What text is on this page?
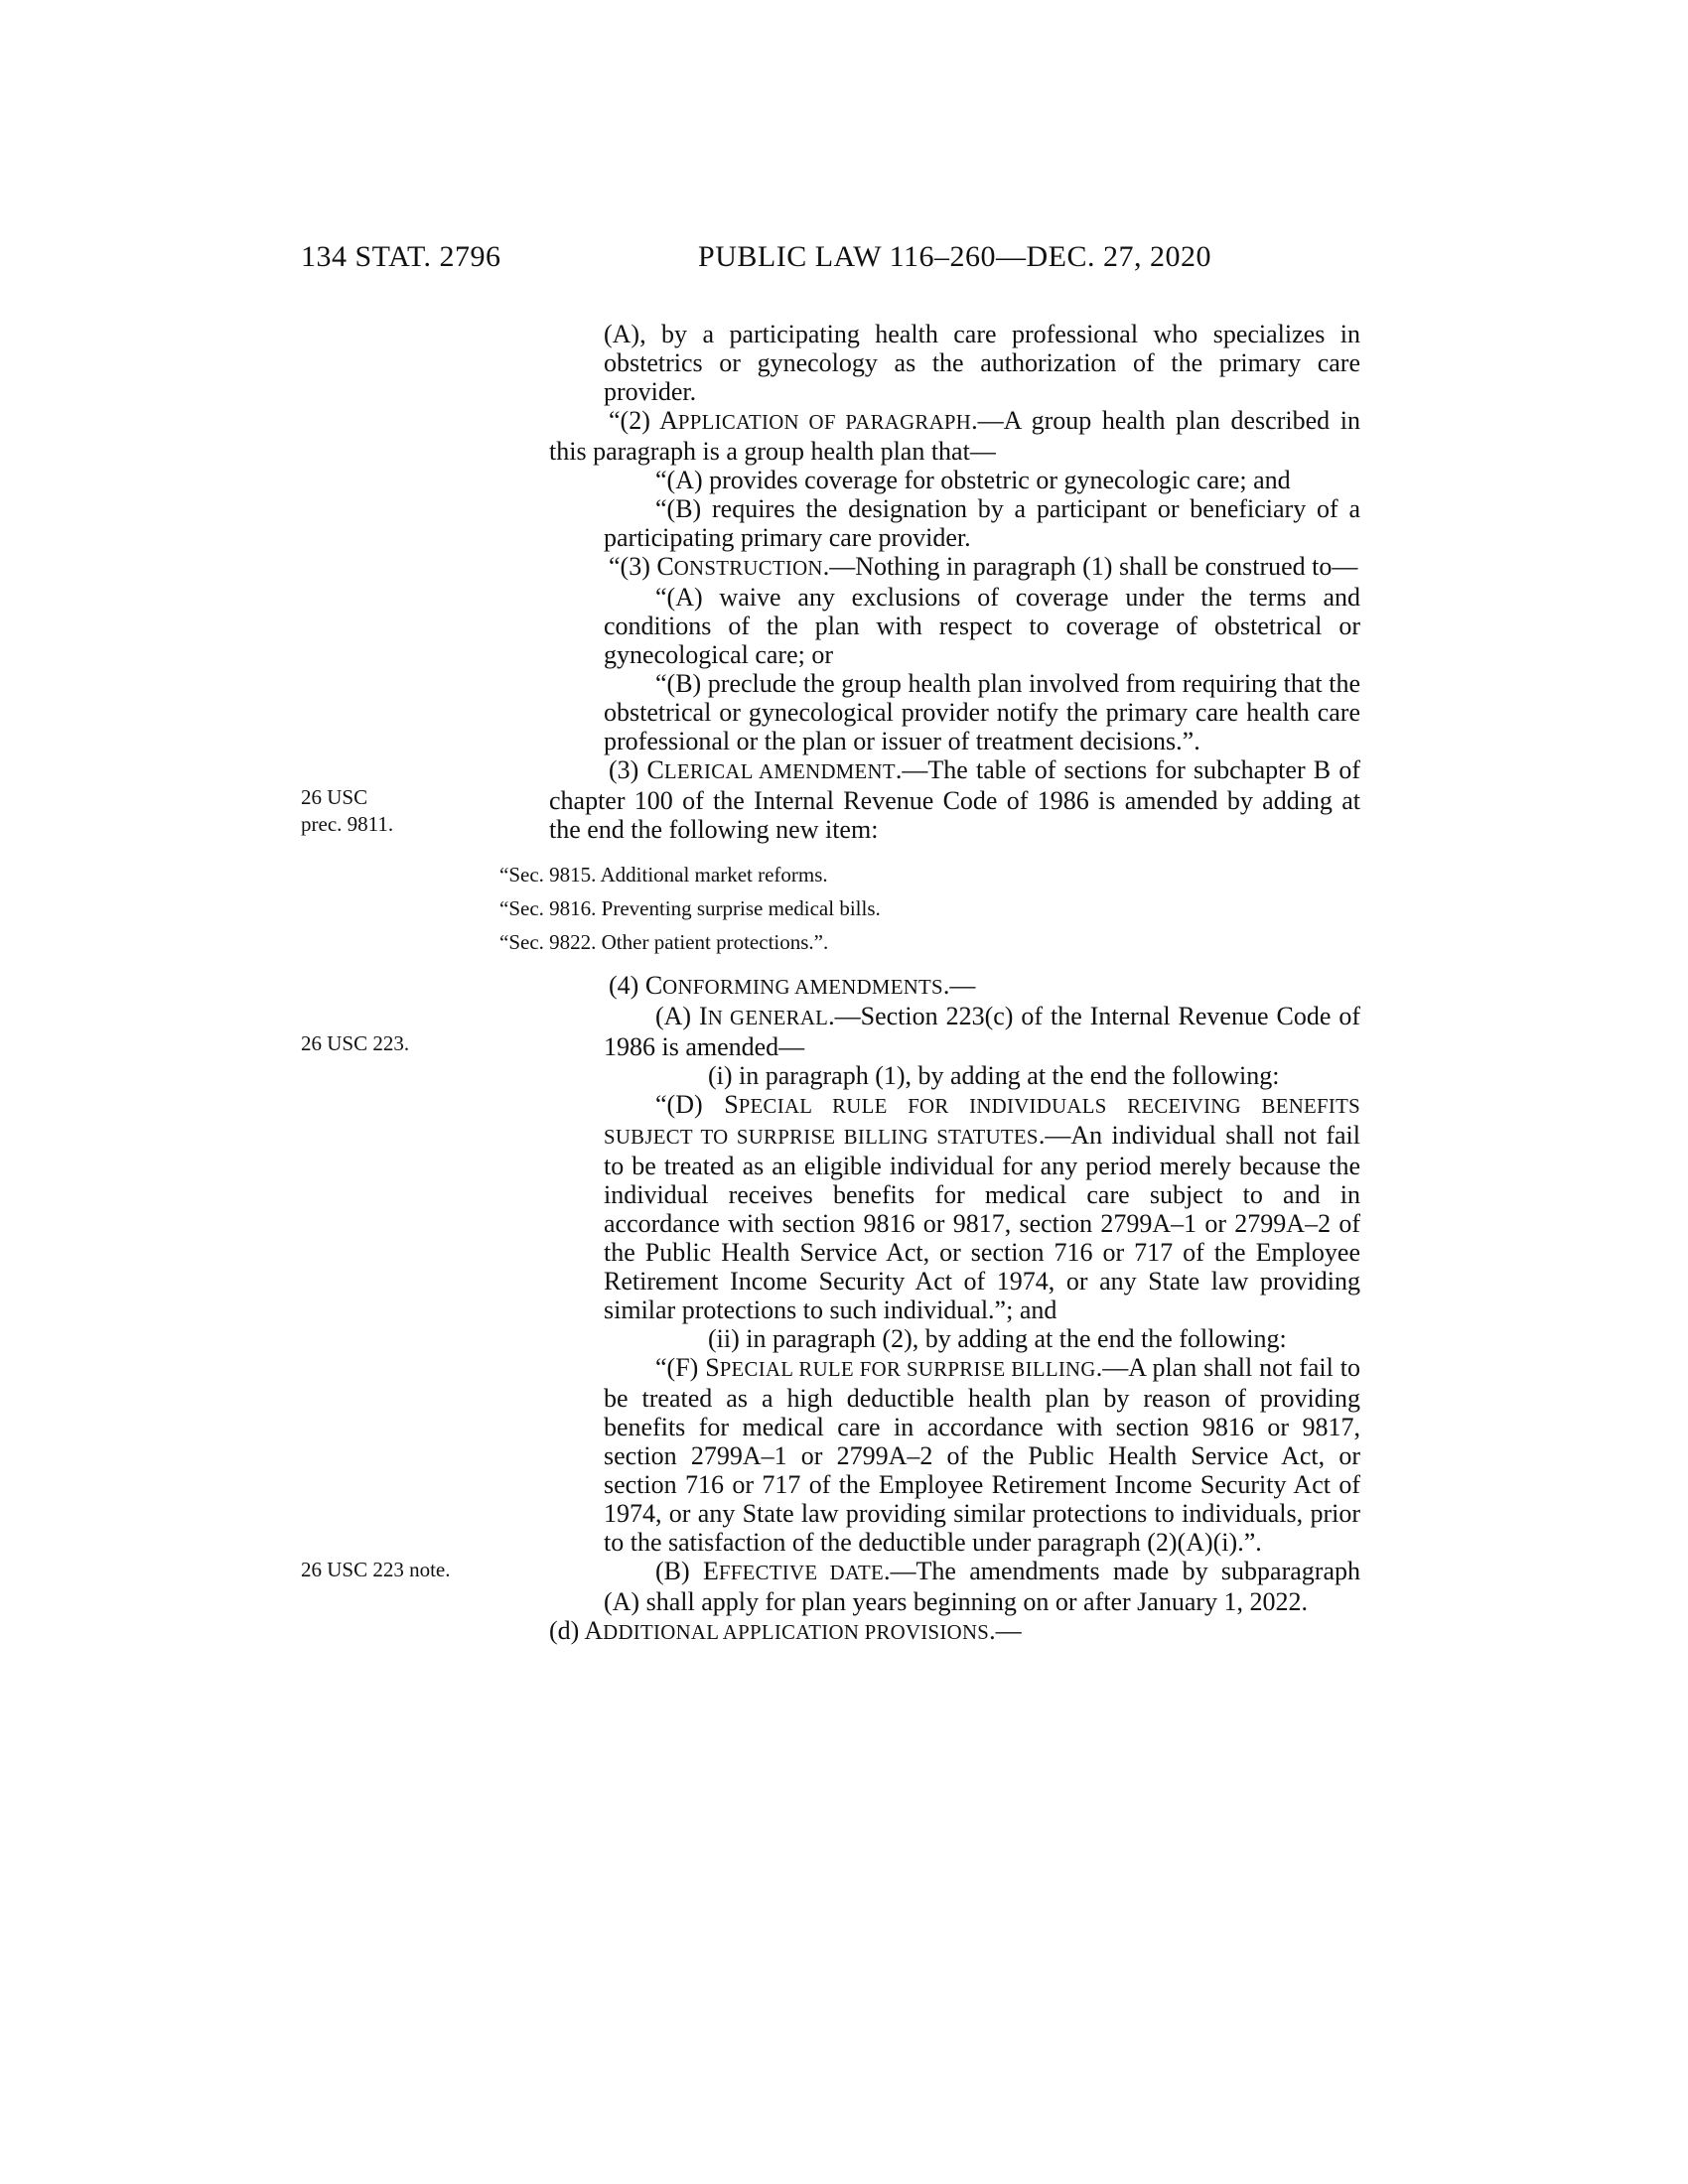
134 STAT. 2796	PUBLIC LAW 116–260—DEC. 27, 2020

(A), by a participating health care professional who specializes in obstetrics or gynecology as the authorization of the primary care provider.

“(2) APPLICATION OF PARAGRAPH.—A group health plan described in this paragraph is a group health plan that—

“(A) provides coverage for obstetric or gynecologic care; and

“(B) requires the designation by a participant or beneficiary of a participating primary care provider.

“(3) CONSTRUCTION.—Nothing in paragraph (1) shall be construed to—

“(A) waive any exclusions of coverage under the terms and conditions of the plan with respect to coverage of obstetrical or gynecological care; or

“(B) preclude the group health plan involved from requiring that the obstetrical or gynecological provider notify the primary care health care professional or the plan or issuer of treatment decisions.”.

(3) CLERICAL AMENDMENT.—The table of sections for subchapter B of chapter 100 of the Internal Revenue Code of 1986 is amended by adding at the end the following new item:
26 USC
prec. 9811.

“Sec. 9815. Additional market reforms.
“Sec. 9816. Preventing surprise medical bills.
“Sec. 9822. Other patient protections.”.

(4) CONFORMING AMENDMENTS.—

(A) IN GENERAL.—Section 223(c) of the Internal Revenue Code of 1986 is amended—
26 USC 223.

(i) in paragraph (1), by adding at the end the following:

“(D) SPECIAL RULE FOR INDIVIDUALS RECEIVING BENEFITS SUBJECT TO SURPRISE BILLING STATUTES.—An individual shall not fail to be treated as an eligible individual for any period merely because the individual receives benefits for medical care subject to and in accordance with section 9816 or 9817, section 2799A–1 or 2799A–2 of the Public Health Service Act, or section 716 or 717 of the Employee Retirement Income Security Act of 1974, or any State law providing similar protections to such individual.”; and

(ii) in paragraph (2), by adding at the end the following:

“(F) SPECIAL RULE FOR SURPRISE BILLING.—A plan shall not fail to be treated as a high deductible health plan by reason of providing benefits for medical care in accordance with section 9816 or 9817, section 2799A–1 or 2799A–2 of the Public Health Service Act, or section 716 or 717 of the Employee Retirement Income Security Act of 1974, or any State law providing similar protections to individuals, prior to the satisfaction of the deductible under paragraph (2)(A)(i).”.

(B) EFFECTIVE DATE.—The amendments made by subparagraph (A) shall apply for plan years beginning on or after January 1, 2022.
26 USC 223 note.

(d) ADDITIONAL APPLICATION PROVISIONS.—
